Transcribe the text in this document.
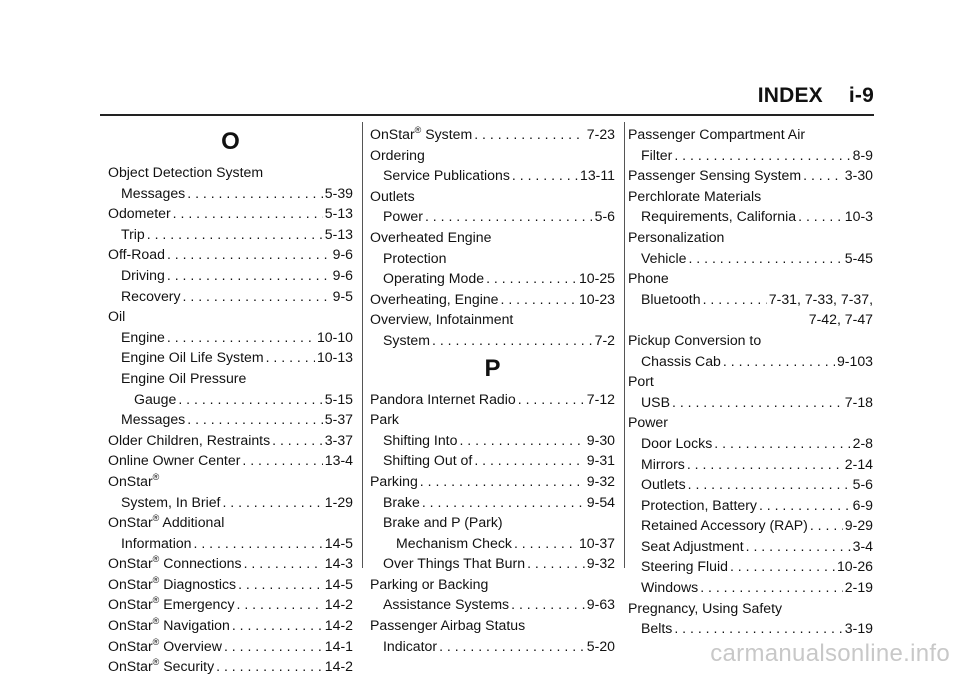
INDEX i-9
O
Object Detection System
Messages . . .	5-39
Odometer . . .	5-13
Trip . . .	5-13
Off-Road . . .	9-6
Driving . . .	9-6
Recovery . . .	9-5
Oil
Engine . . .	10-10
Engine Oil Life System . . .	10-13
Engine Oil Pressure
Gauge . . .	5-15
Messages . . .	5-37
Older Children, Restraints . . .	3-37
Online Owner Center . . .	13-4
OnStar®
System, In Brief . . .	1-29
OnStar® Additional
Information . . .	14-5
OnStar® Connections . . .	14-3
OnStar® Diagnostics . . .	14-5
OnStar® Emergency . . .	14-2
OnStar® Navigation . . .	14-2
OnStar® Overview . . .	14-1
OnStar® Security . . .	14-2
OnStar® System . . .	7-23
Ordering
Service Publications . . .	13-11
Outlets
Power . . .	5-6
Overheated Engine
Protection
Operating Mode . . .	10-25
Overheating, Engine . . .	10-23
Overview, Infotainment
System . . .	7-2
P
Pandora Internet Radio . . .	7-12
Park
Shifting Into . . .	9-30
Shifting Out of . . .	9-31
Parking . . .	9-32
Brake . . .	9-54
Brake and P (Park)
Mechanism Check . . .	10-37
Over Things That Burn . . .	9-32
Parking or Backing
Assistance Systems . . .	9-63
Passenger Airbag Status
Indicator . . .	5-20
Passenger Compartment Air
Filter . . .	8-9
Passenger Sensing System . . .	3-30
Perchlorate Materials
Requirements, California . . .	10-3
Personalization
Vehicle . . .	5-45
Phone
Bluetooth . . .	7-31, 7-33, 7-37,
7-42, 7-47
Pickup Conversion to
Chassis Cab . . .	9-103
Port
USB . . .	7-18
Power
Door Locks . . .	2-8
Mirrors . . .	2-14
Outlets . . .	5-6
Protection, Battery . . .	6-9
Retained Accessory (RAP) . . .	9-29
Seat Adjustment . . .	3-4
Steering Fluid . . .	10-26
Windows . . .	2-19
Pregnancy, Using Safety
Belts . . .	3-19
carmanualsonline.info
